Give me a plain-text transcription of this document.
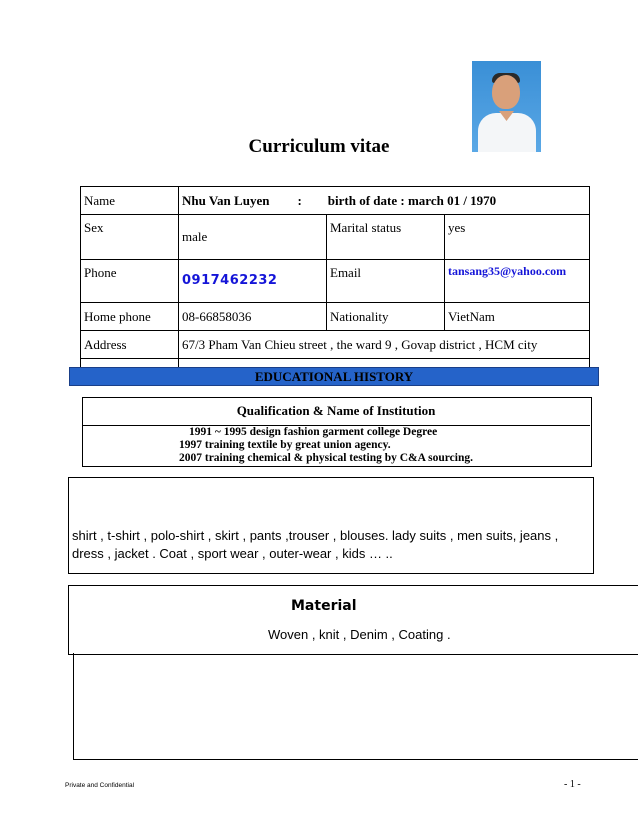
Curriculum vitae
Name	Nhu Van Luyen : birth of date : march 01 / 1970		
Sex	male	Marital status	yes
Phone	0917462232	Email	tansang35@yahoo.com
Home phone	08-66858036	Nationality	VietNam
Address	67/3 Pham Van Chieu street , the ward 9 , Govap district , HCM city		

EDUCATIONAL HISTORY
Qualification & Name of Institution
1991 ~ 1995 design fashion garment college Degree
1997 training textile by great union agency.
2007 training chemical & physical testing by C&A sourcing.
shirt , t-shirt , polo-shirt , skirt , pants ,trouser , blouses. lady suits , men suits, jeans , dress , jacket . Coat , sport wear , outer-wear , kids … ..
Material
Woven , knit , Denim , Coating .
Private and Confidential	- 1 -
